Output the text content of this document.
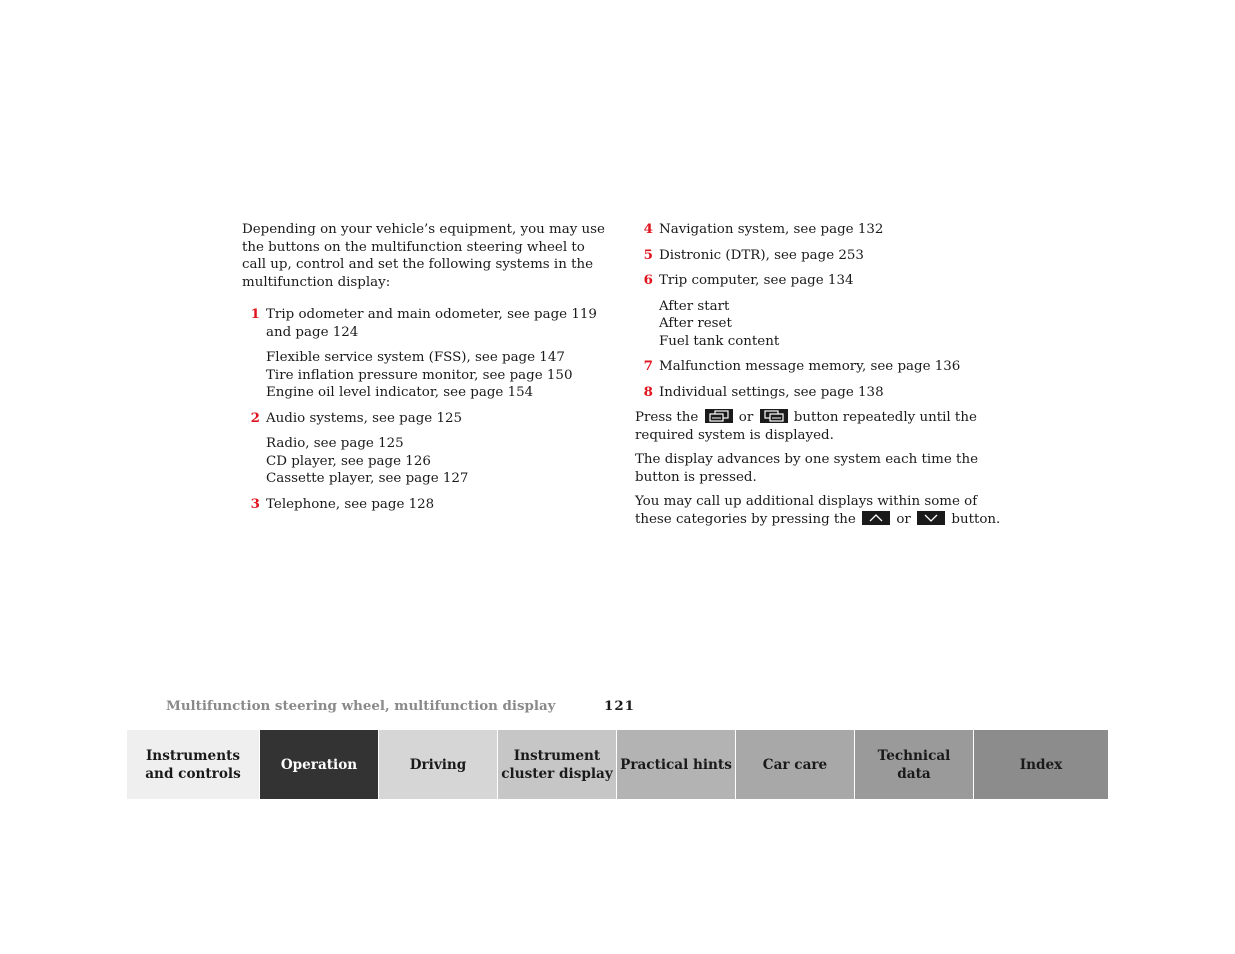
Depending on your vehicle’s equipment, you may use the buttons on the multifunction steering wheel to call up, control and set the following systems in the multifunction display:

1 Trip odometer and main odometer, see page 119 and page 124
Flexible service system (FSS), see page 147
Tire inflation pressure monitor, see page 150
Engine oil level indicator, see page 154
2 Audio systems, see page 125
Radio, see page 125
CD player, see page 126
Cassette player, see page 127
3 Telephone, see page 128
4 Navigation system, see page 132
5 Distronic (DTR), see page 253
6 Trip computer, see page 134
After start
After reset
Fuel tank content
7 Malfunction message memory, see page 136
8 Individual settings, see page 138

Press the	or	button repeatedly until the required system is displayed.

The display advances by one system each time the button is pressed.

You may call up additional displays within some of these categories by pressing the	or	button.

Multifunction steering wheel, multifunction display	121
Instruments
and controls
Operation	Driving
Instrument
cluster display
Practical hints Car care
Technical
data
Index
